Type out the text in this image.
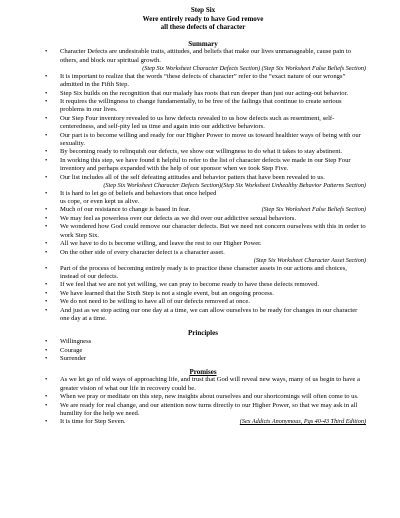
Step Six
Were entirely ready to have God remove
all these defects of character
Summary
• Character Defects are undesirable traits, attitudes, and beliefs that make our lives unmanageable, cause pain to others, and block our spiritual growth.
(Step Six Worksheet Character Defects Section) (Step Six Worksheet False Beliefs Section)
• It is important to realize that the words “these defects of character” refer to the “exact nature of our wrongs” admitted in the Fifth Step.
• Step Six builds on the recognition that our malady has roots that run deeper than just our acting-out behavior.
• It requires the willingness to change fundamentally, to be free of the failings that continue to create serious problems in our lives.
• Our Step Four inventory revealed to us how defects revealed to us how defects such as resentment, self-centeredness, and self-pity led us time and again into our addictive behaviors.
• Our part is to become willing and ready for our Higher Power to move us toward healthier ways of being with our sexuality.
• By becoming ready to relinquish our defects, we show our willingness to do what it takes to stay abstinent.
• In working this step, we have found it helpful to refer to the list of character defects we made in our Step Four inventory and perhaps expanded with the help of our sponsor when we took Step Five.
• Our list includes all of the self defeating attitudes and behavior patters that have been revealed to us.
(Step Six Worksheet Unhealthy Behavior Patterns Section)
(Step Six Worksheet Character Defects Section)
• It is hard to let go of beliefs and behaviors that once helped us cope, or even kept us alive.
• Much of our resistance to change is based in fear.	(Step Six Worksheet False Beliefs Section)
• We may feel as powerless over our defects as we did over our addictive sexual behaviors.
• We wondered how God could remove our character defects. But we need not concern ourselves with this in order to work Step Six.
• All we have to do is become willing, and leave the rest to our Higher Power.
• On the other side of every character defect is a character asset.
(Step Six Worksheet Character Asset Section)
• Part of the process of becoming entirely ready is to practice these character assets in our actions and choices, instead of our defects.
• If we feel that we are not yet willing, we can pray to become ready to have these defects removed.
• We have learned that the Sixth Step is not a single event, but an ongoing process.
• We do not need to be willing to have all of our defects removed at once.
• And just as we stop acting our one day at a time, we can allow ourselves to be ready for changes in our character one day at a time.
Principles
• Willingness
• Courage
• Surrender
Promises
• As we let go of old ways of approaching life, and trust that God will reveal new ways, many of us begin to have a greater vision of what our life in recovery could be.
• When we pray or meditate on this step, new insights about ourselves and our shortcomings will often come to us.
• We are ready for real change, and our attention now turns directly to our Higher Power, so that we may ask in all humility for the help we need.
• It is time for Step Seven.	(Sex Addicts Anonymous, Pgs 40-43 Third Edition)
